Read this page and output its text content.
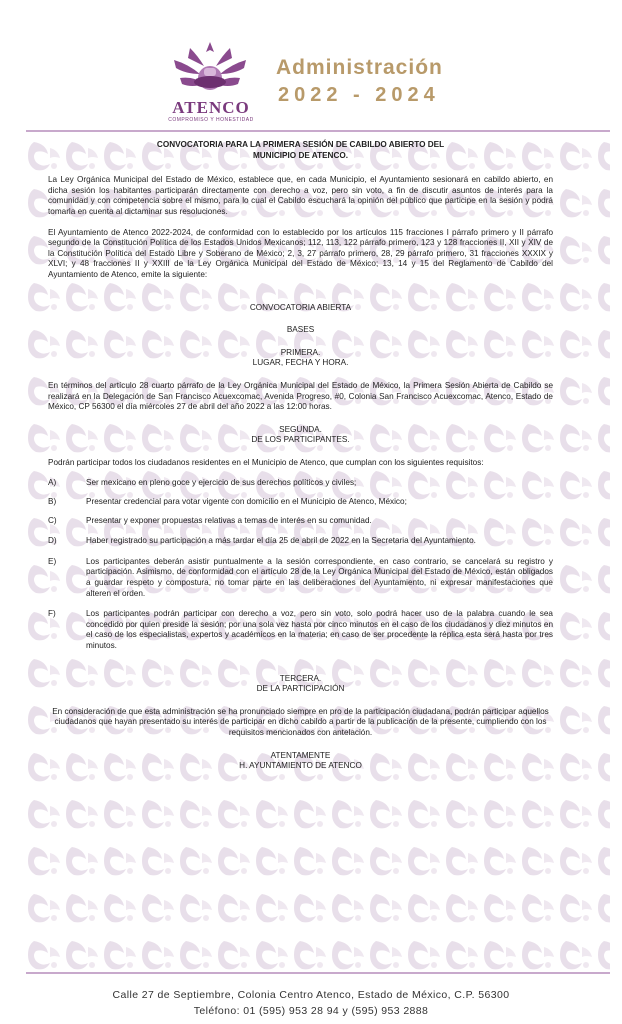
ATENCO
COMPROMISO Y HONESTIDAD
Administración
2022 - 2024

CONVOCATORIA PARA LA PRIMERA SESIÓN DE CABILDO ABIERTO DEL
MUNICIPIO DE ATENCO.

La Ley Orgánica Municipal del Estado de México, establece que, en cada Municipio, el Ayuntamiento sesionará en cabildo abierto, en dicha sesión los habitantes participarán directamente con derecho a voz, pero sin voto, a fin de discutir asuntos de interés para la comunidad y con competencia sobre el mismo, para lo cual el Cabildo escuchará la opinión del público que participe en la sesión y podrá tomarla en cuenta al dictaminar sus resoluciones.

El Ayuntamiento de Atenco 2022-2024, de conformidad con lo establecido por los artículos 115 fracciones I párrafo primero y II párrafo segundo de la Constitución Política de los Estados Unidos Mexicanos; 112, 113, 122 párrafo primero, 123 y 128 fracciones II, XII y XIV de la Constitución Política del Estado Libre y Soberano de México; 2, 3, 27 párrafo primero, 28, 29 párrafo primero, 31 fracciones XXXIX y XLVI; y 48 fracciones II y XXIII de la Ley Orgánica Municipal del Estado de México; 13, 14 y 15 del Reglamento de Cabildo del Ayuntamiento de Atenco, emite la siguiente:

CONVOCATORIA ABIERTA

BASES

PRIMERA.
LUGAR, FECHA Y HORA.

En términos del artículo 28 cuarto párrafo de la Ley Orgánica Municipal del Estado de México, la Primera Sesión Abierta de Cabildo se realizará en la Delegación de San Francisco Acuexcomac, Avenida Progreso, #0, Colonia San Francisco Acuexcomac, Atenco, Estado de México, CP 56300 el día miércoles 27 de abril del año 2022 a las 12:00 horas.

SEGUNDA.
DE LOS PARTICIPANTES.

Podrán participar todos los ciudadanos residentes en el Municipio de Atenco, que cumplan con los siguientes requisitos:

A)	Ser mexicano en pleno goce y ejercicio de sus derechos políticos y civiles;
B)	Presentar credencial para votar vigente con domicilio en el Municipio de Atenco, México;
C)	Presentar y exponer propuestas relativas a temas de interés en su comunidad.
D)	Haber registrado su participación a más tardar el día 25 de abril de 2022 en la Secretaria del Ayuntamiento.
E)	Los participantes deberán asistir puntualmente a la sesión correspondiente, en caso contrario, se cancelará su registro y participación. Asimismo, de conformidad con el artículo 28 de la Ley Orgánica Municipal del Estado de México, están obligados a guardar respeto y compostura, no tomar parte en las deliberaciones del Ayuntamiento, ni expresar manifestaciones que alteren el orden.
F)	Los participantes podrán participar con derecho a voz, pero sin voto, solo podrá hacer uso de la palabra cuando le sea concedido por quien preside la sesión; por una sola vez hasta por cinco minutos en el caso de los ciudadanos y diez minutos en el caso de los especialistas, expertos y académicos en la materia; en caso de ser procedente la réplica esta será hasta por tres minutos.

TERCERA.
DE LA PARTICIPACIÓN

En consideración de que esta administración se ha pronunciado siempre en pro de la participación ciudadana, podrán participar aquellos ciudadanos que hayan presentado su interés de participar en dicho cabildo a partir de la publicación de la presente, cumpliendo con los requisitos mencionados con antelación.

ATENTAMENTE
H. AYUNTAMIENTO DE ATENCO

Calle 27 de Septiembre, Colonia Centro Atenco, Estado de México, C.P. 56300
Teléfono: 01 (595) 953 28 94 y (595) 953 2888
